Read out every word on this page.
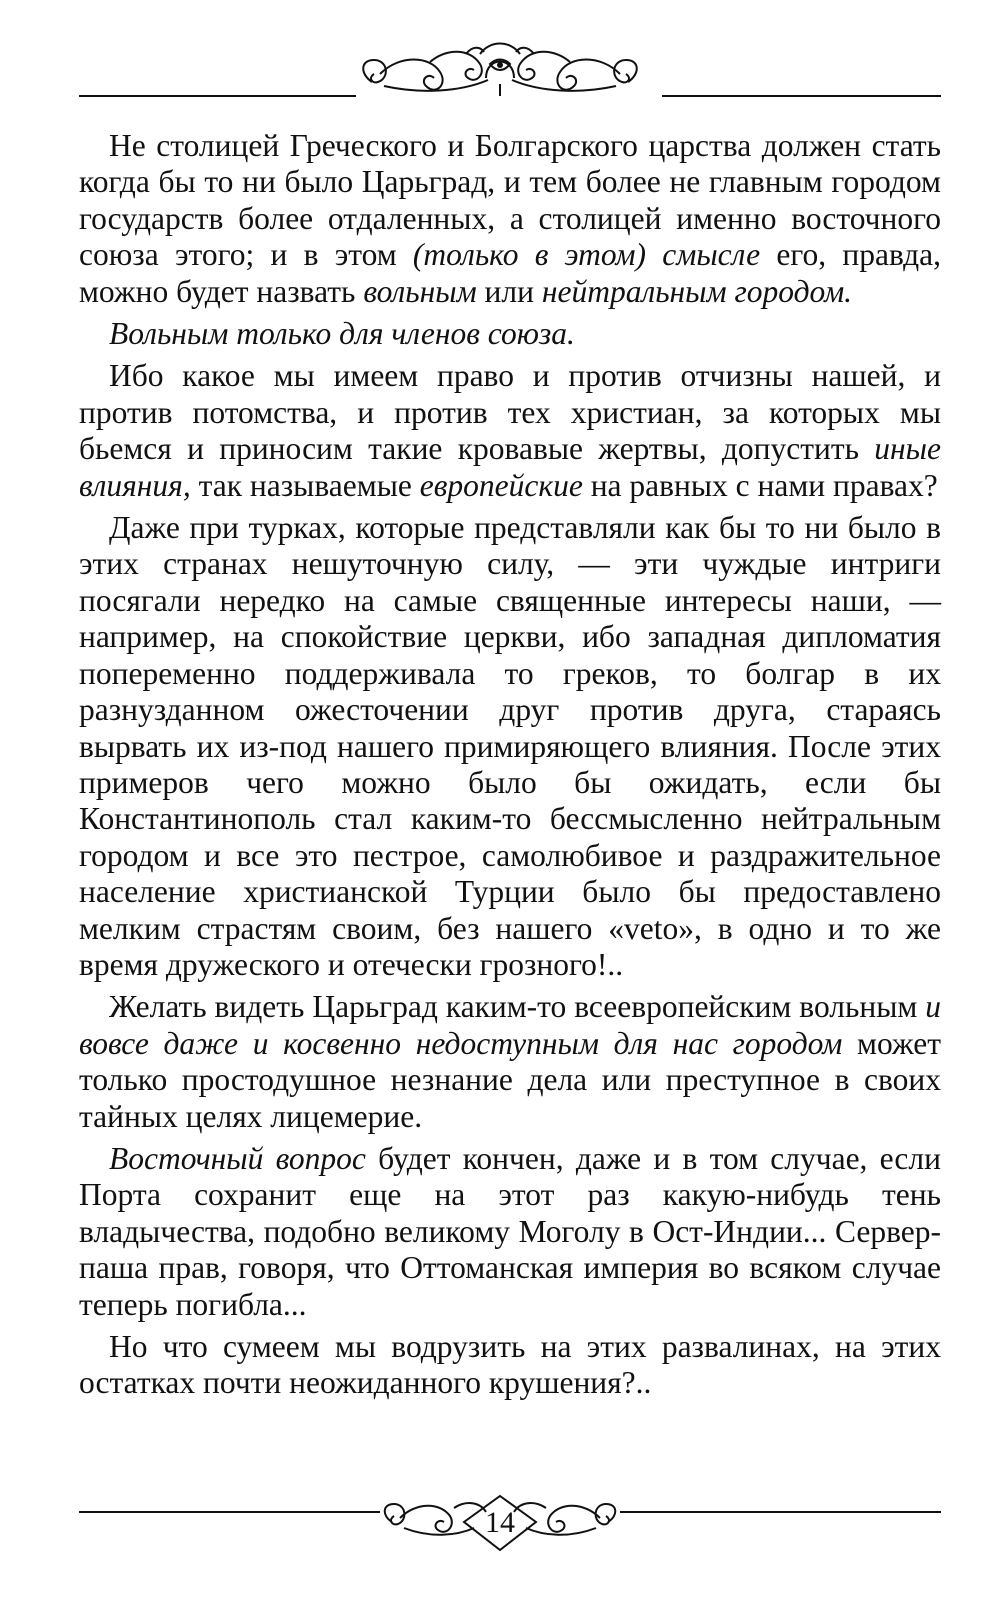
Не столицей Греческого и Болгарского царства должен стать когда бы то ни было Царьград, и тем более не главным городом государств более отдаленных, а столицей именно восточного союза этого; и в этом (только в этом) смысле его, правда, можно будет назвать вольным или нейтральным городом.

Вольным только для членов союза.

Ибо какое мы имеем право и против отчизны нашей, и против потомства, и против тех христиан, за которых мы бьемся и приносим такие кровавые жертвы, допустить иные влияния, так называемые европейские на равных с нами правах?

Даже при турках, которые представляли как бы то ни было в этих странах нешуточную силу, — эти чуждые интриги посягали нередко на самые священные интересы наши, — например, на спокойствие церкви, ибо западная дипломатия попеременно поддерживала то греков, то болгар в их разнузданном ожесточении друг против друга, стараясь вырвать их из-под нашего примиряющего влияния. После этих примеров чего можно было бы ожидать, если бы Константинополь стал каким-то бессмысленно нейтральным городом и все это пестрое, самолюбивое и раздражительное население христианской Турции было бы предоставлено мелким страстям своим, без нашего «veto», в одно и то же время дружеского и отечески грозного!..

Желать видеть Царьград каким-то всеевропейским вольным и вовсе даже и косвенно недоступным для нас городом может только простодушное незнание дела или преступное в своих тайных целях лицемерие.

Восточный вопрос будет кончен, даже и в том случае, если Порта сохранит еще на этот раз какую-нибудь тень владычества, подобно великому Моголу в Ост-Индии... Сервер-паша прав, говоря, что Оттоманская империя во всяком случае теперь погибла...

Но что сумеем мы водрузить на этих развалинах, на этих остатках почти неожиданного крушения?..

14
